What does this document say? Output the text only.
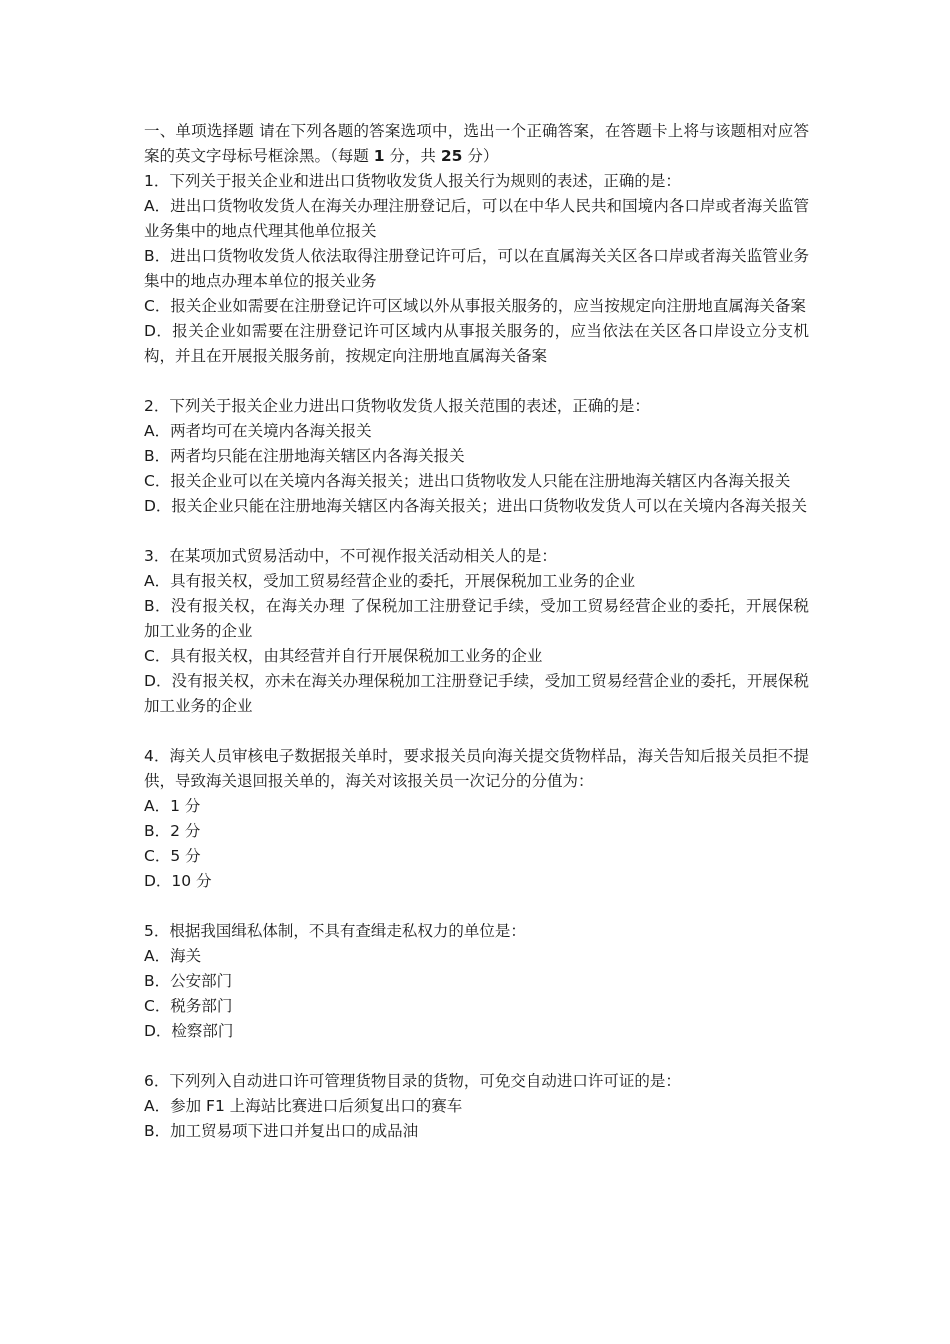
一、单项选择题 请在下列各题的答案选项中，选出一个正确答案，在答题卡上将与该题相对应答案的英文字母标号框涂黑。（每题 1 分，共 25 分）

1．下列关于报关企业和进出口货物收发货人报关行为规则的表述，正确的是：

A．进出口货物收发货人在海关办理注册登记后，可以在中华人民共和国境内各口岸或者海关监管业务集中的地点代理其他单位报关

B．进出口货物收发货人依法取得注册登记许可后，可以在直属海关关区各口岸或者海关监管业务集中的地点办理本单位的报关业务

C．报关企业如需要在注册登记许可区域以外从事报关服务的，应当按规定向注册地直属海关备案

D．报关企业如需要在注册登记许可区域内从事报关服务的，应当依法在关区各口岸设立分支机构，并且在开展报关服务前，按规定向注册地直属海关备案

2．下列关于报关企业力进出口货物收发货人报关范围的表述，正确的是：

A．两者均可在关境内各海关报关

B．两者均只能在注册地海关辖区内各海关报关

C．报关企业可以在关境内各海关报关；进出口货物收发人只能在注册地海关辖区内各海关报关

D．报关企业只能在注册地海关辖区内各海关报关；进出口货物收发货人可以在关境内各海关报关

3．在某项加式贸易活动中，不可视作报关活动相关人的是：

A．具有报关权，受加工贸易经营企业的委托，开展保税加工业务的企业

B．没有报关权，在海关办理 了保税加工注册登记手续，受加工贸易经营企业的委托，开展保税加工业务的企业

C．具有报关权，由其经营并自行开展保税加工业务的企业

D．没有报关权，亦未在海关办理保税加工注册登记手续，受加工贸易经营企业的委托，开展保税加工业务的企业

4．海关人员审核电子数据报关单时，要求报关员向海关提交货物样品，海关告知后报关员拒不提供，导致海关退回报关单的，海关对该报关员一次记分的分值为：

A．1 分

B．2 分

C．5 分

D．10 分

5．根据我国缉私体制，不具有查缉走私权力的单位是：

A．海关

B．公安部门

C．税务部门

D．检察部门

6．下列列入自动进口许可管理货物目录的货物，可免交自动进口许可证的是：

A．参加 F1 上海站比赛进口后须复出口的赛车

B．加工贸易项下进口并复出口的成品油
